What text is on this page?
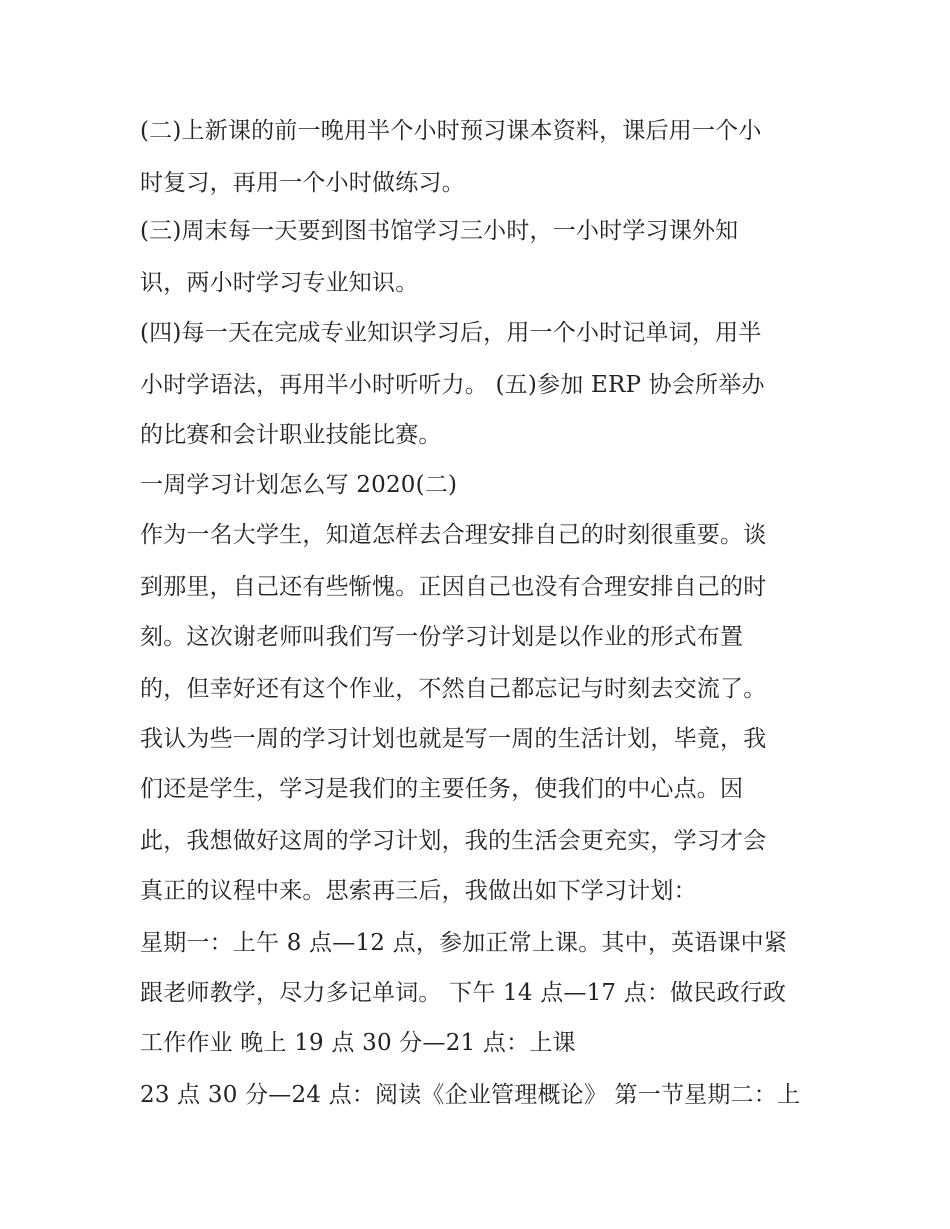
(二)上新课的前一晚用半个小时预习课本资料，课后用一个小
时复习，再用一个小时做练习。
(三)周末每一天要到图书馆学习三小时，一小时学习课外知
识，两小时学习专业知识。
(四)每一天在完成专业知识学习后，用一个小时记单词，用半
小时学语法，再用半小时听听力。 (五)参加 ERP 协会所举办
的比赛和会计职业技能比赛。
一周学习计划怎么写 2020(二)
作为一名大学生，知道怎样去合理安排自己的时刻很重要。谈
到那里，自己还有些惭愧。正因自己也没有合理安排自己的时
刻。这次谢老师叫我们写一份学习计划是以作业的形式布置
的，但幸好还有这个作业，不然自己都忘记与时刻去交流了。
我认为些一周的学习计划也就是写一周的生活计划，毕竟，我
们还是学生，学习是我们的主要任务，使我们的中心点。因
此，我想做好这周的学习计划，我的生活会更充实，学习才会
真正的议程中来。思索再三后，我做出如下学习计划：
星期一：上午 8 点—12 点，参加正常上课。其中，英语课中紧
跟老师教学，尽力多记单词。 下午 14 点—17 点：做民政行政
工作作业 晚上 19 点 30 分—21 点：上课
23 点 30 分—24 点：阅读《企业管理概论》 第一节星期二：上
